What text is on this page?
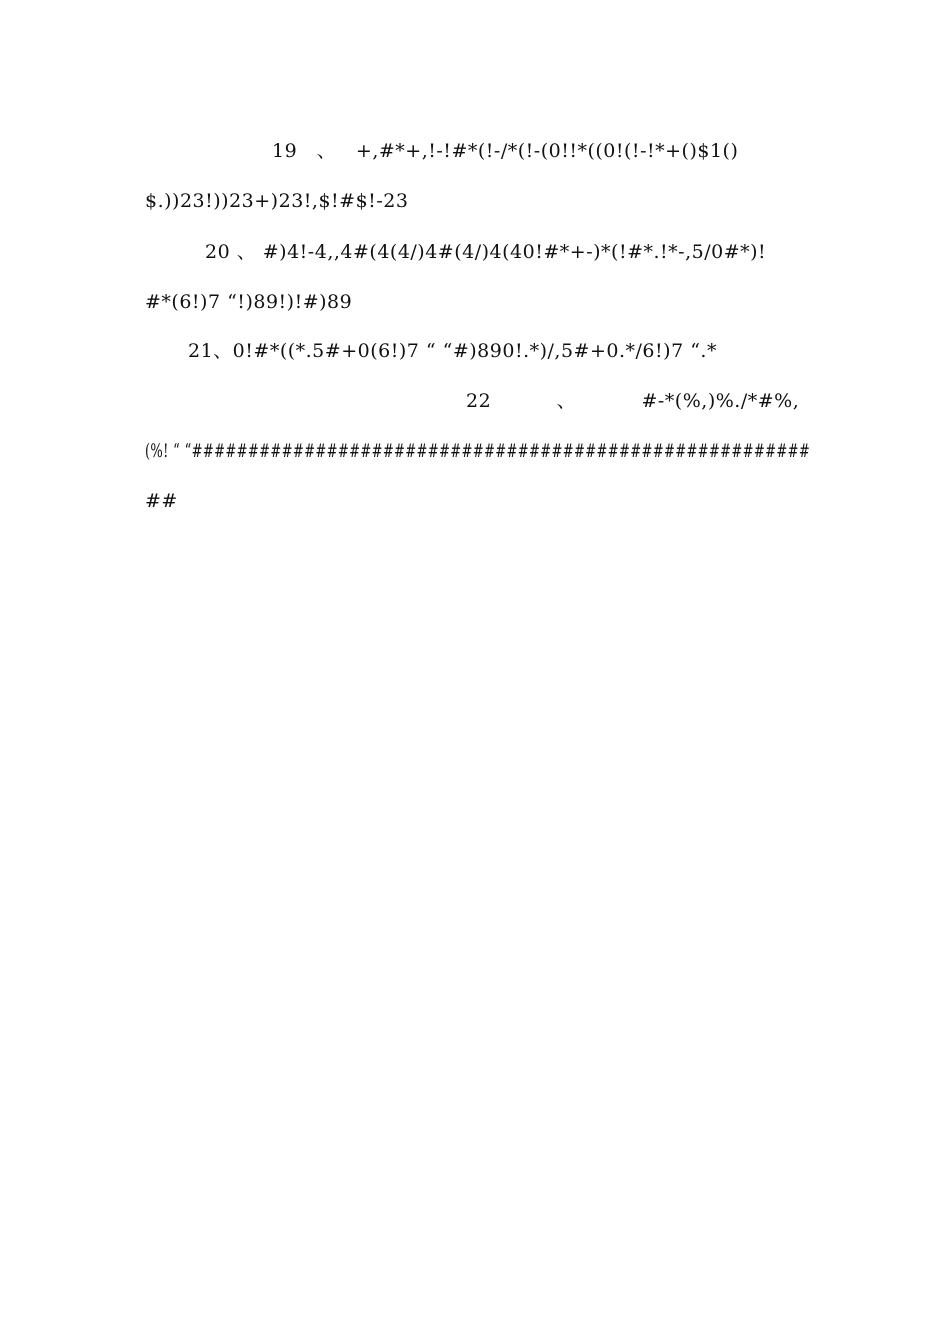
19   、   +,#*+,!-!#*(!-/*(!-(0!!*((0!(!-!*+()$1()
$.))23!))23+)23!,$!#$!-23
20 、 #)4!-4,,4#(4(4/)4#(4/)4(40!#*+-)*(!#*.!*-,5/0#*)!
#*(6!)7 “!)89!)!#)89
21、0!#*((*.5#+0(6!)7 “ “#)890!.*)/,5#+0.*/6!)7 “.*
22          、          #-*(%,)%./*#%,
(%! “ “#######################################################
##
